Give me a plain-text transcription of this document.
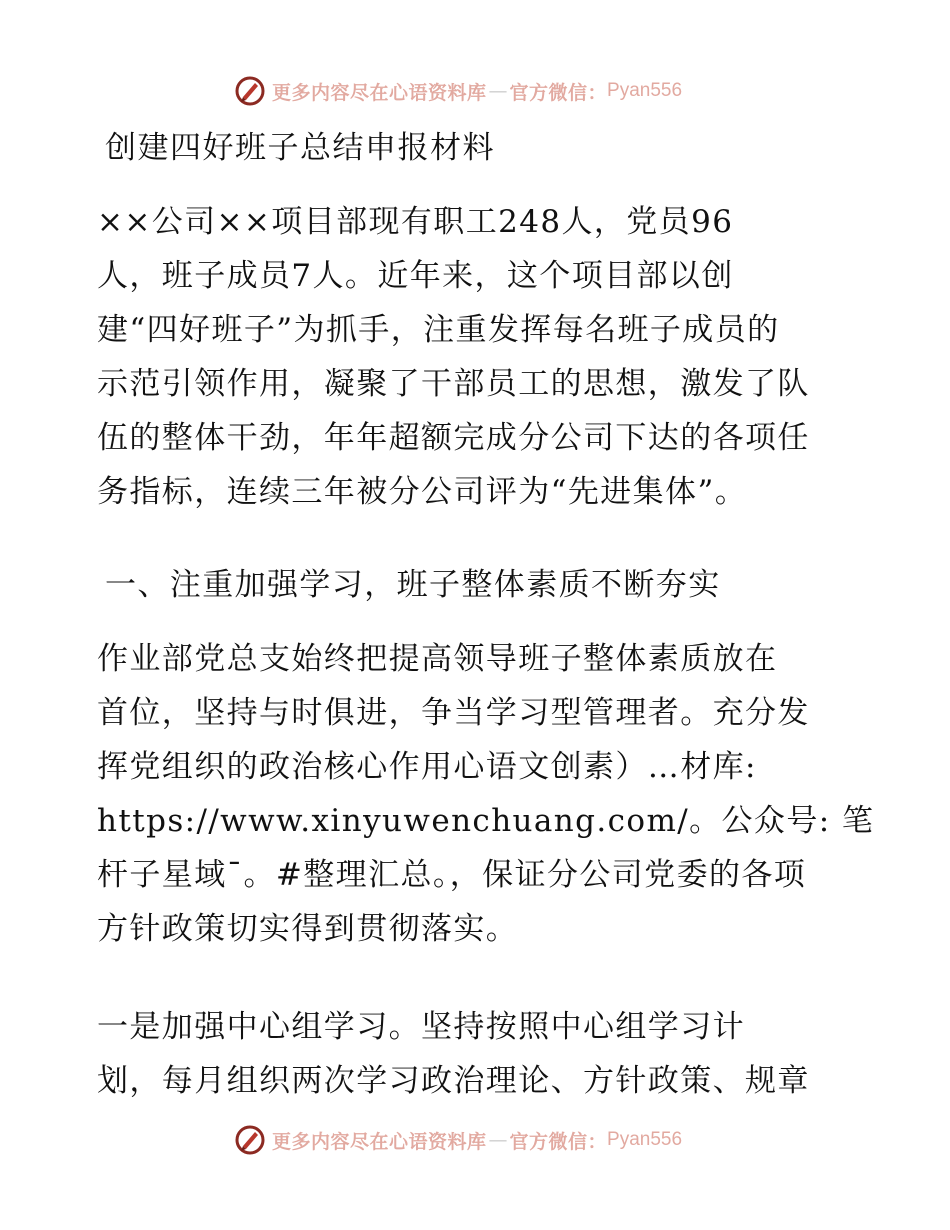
更多内容尽在心语资料库 — 官方微信： Pyan556
创建四好班子总结申报材料

××公司××项目部现有职工248人，党员96
人，班子成员7人。近年来，这个项目部以创
建“四好班子”为抓手，注重发挥每名班子成员的
示范引领作用，凝聚了干部员工的思想，激发了队
伍的整体干劲，年年超额完成分公司下达的各项任
务指标，连续三年被分公司评为“先进集体”。

一、注重加强学习，班子整体素质不断夯实

作业部党总支始终把提高领导班子整体素质放在
首位，坚持与时俱进，争当学习型管理者。充分发
挥党组织的政治核心作用心语文创素）…材库:
https://www.xinyuwenchuang.com/。公众号: 笔
杆子星域¯。#整理汇总。，保证分公司党委的各项
方针政策切实得到贯彻落实。

一是加强中心组学习。坚持按照中心组学习计
划，每月组织两次学习政治理论、方针政策、规章

更多内容尽在心语资料库 — 官方微信： Pyan556
